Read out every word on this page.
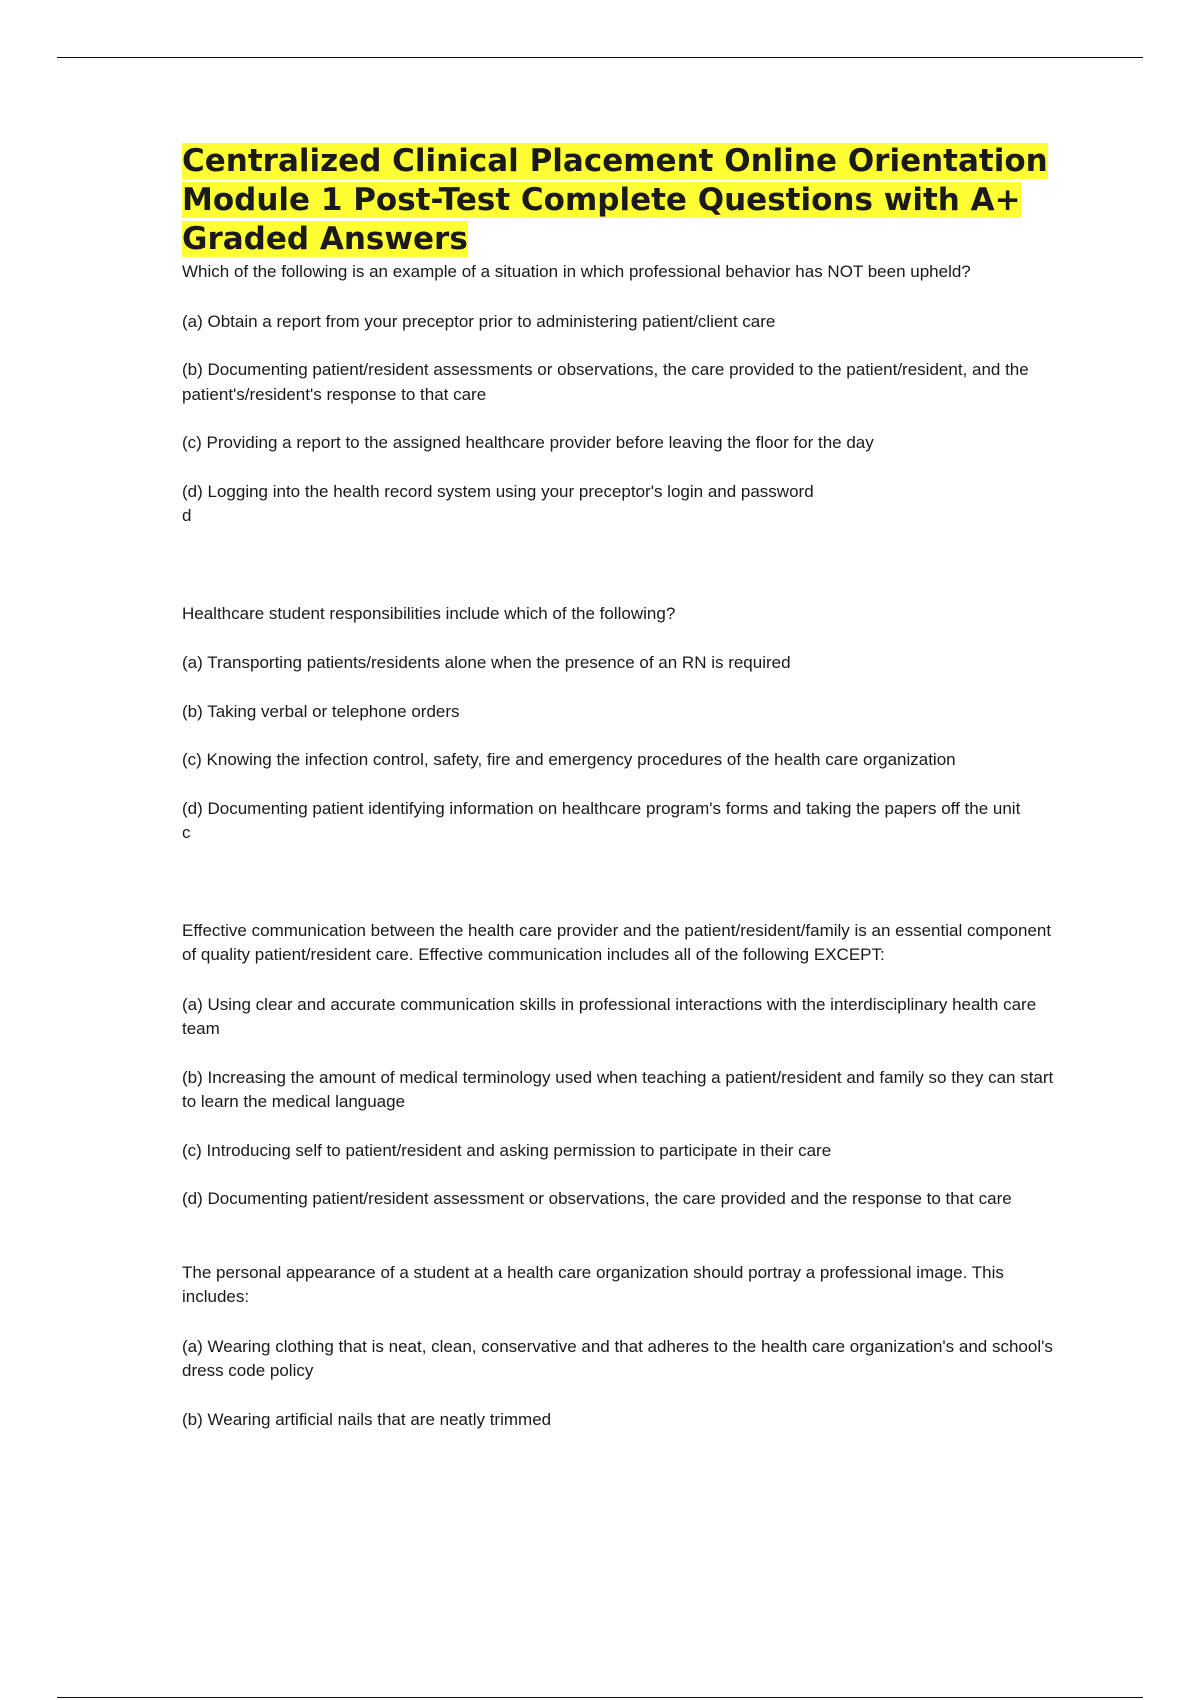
Centralized Clinical Placement Online Orientation Module 1 Post-Test Complete Questions with A+ Graded Answers

Which of the following is an example of a situation in which professional behavior has NOT been upheld?

(a) Obtain a report from your preceptor prior to administering patient/client care

(b) Documenting patient/resident assessments or observations, the care provided to the patient/resident, and the patient's/resident's response to that care

(c) Providing a report to the assigned healthcare provider before leaving the floor for the day

(d) Logging into the health record system using your preceptor's login and password

d

Healthcare student responsibilities include which of the following?

(a) Transporting patients/residents alone when the presence of an RN is required

(b) Taking verbal or telephone orders

(c) Knowing the infection control, safety, fire and emergency procedures of the health care organization

(d) Documenting patient identifying information on healthcare program's forms and taking the papers off the unit

c

Effective communication between the health care provider and the patient/resident/family is an essential component of quality patient/resident care. Effective communication includes all of the following EXCEPT:

(a) Using clear and accurate communication skills in professional interactions with the interdisciplinary health care team

(b) Increasing the amount of medical terminology used when teaching a patient/resident and family so they can start to learn the medical language

(c) Introducing self to patient/resident and asking permission to participate in their care

(d) Documenting patient/resident assessment or observations, the care provided and the response to that care

The personal appearance of a student at a health care organization should portray a professional image. This includes:

(a) Wearing clothing that is neat, clean, conservative and that adheres to the health care organization's and school's dress code policy

(b) Wearing artificial nails that are neatly trimmed
